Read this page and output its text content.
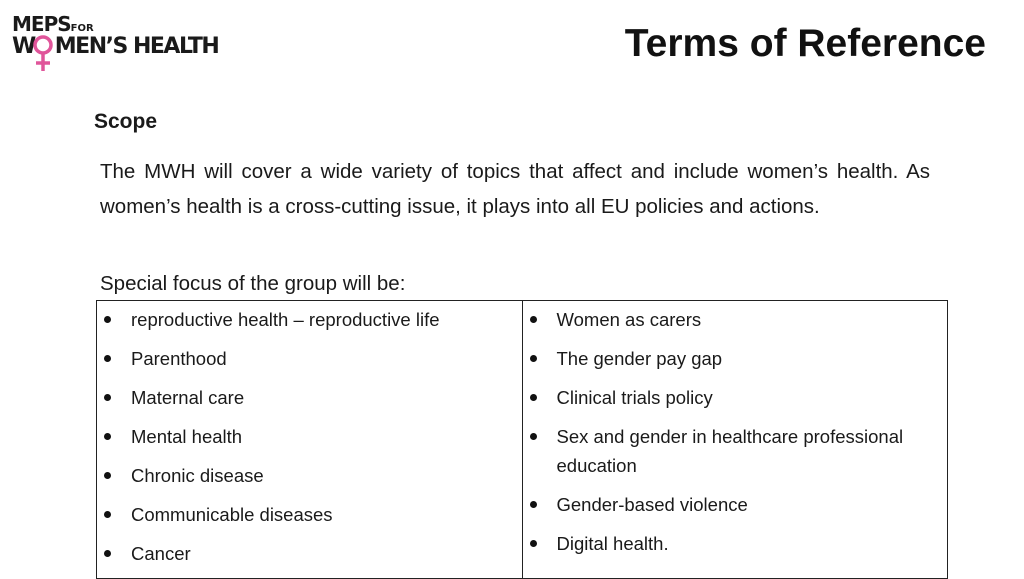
MEPSFOR
W MEN’S HEALTH	Terms of Reference
Scope
The MWH will cover a wide variety of topics that affect and include women’s health. As women’s health is a cross-cutting issue, it plays into all EU policies and actions.
Special focus of the group will be:
reproductive health – reproductive life
Parenthood
Maternal care
Mental health
Chronic disease
Communicable diseases
Cancer

Women as carers
The gender pay gap
Clinical trials policy
Sex and gender in healthcare professional education
Gender-based violence
Digital health.
